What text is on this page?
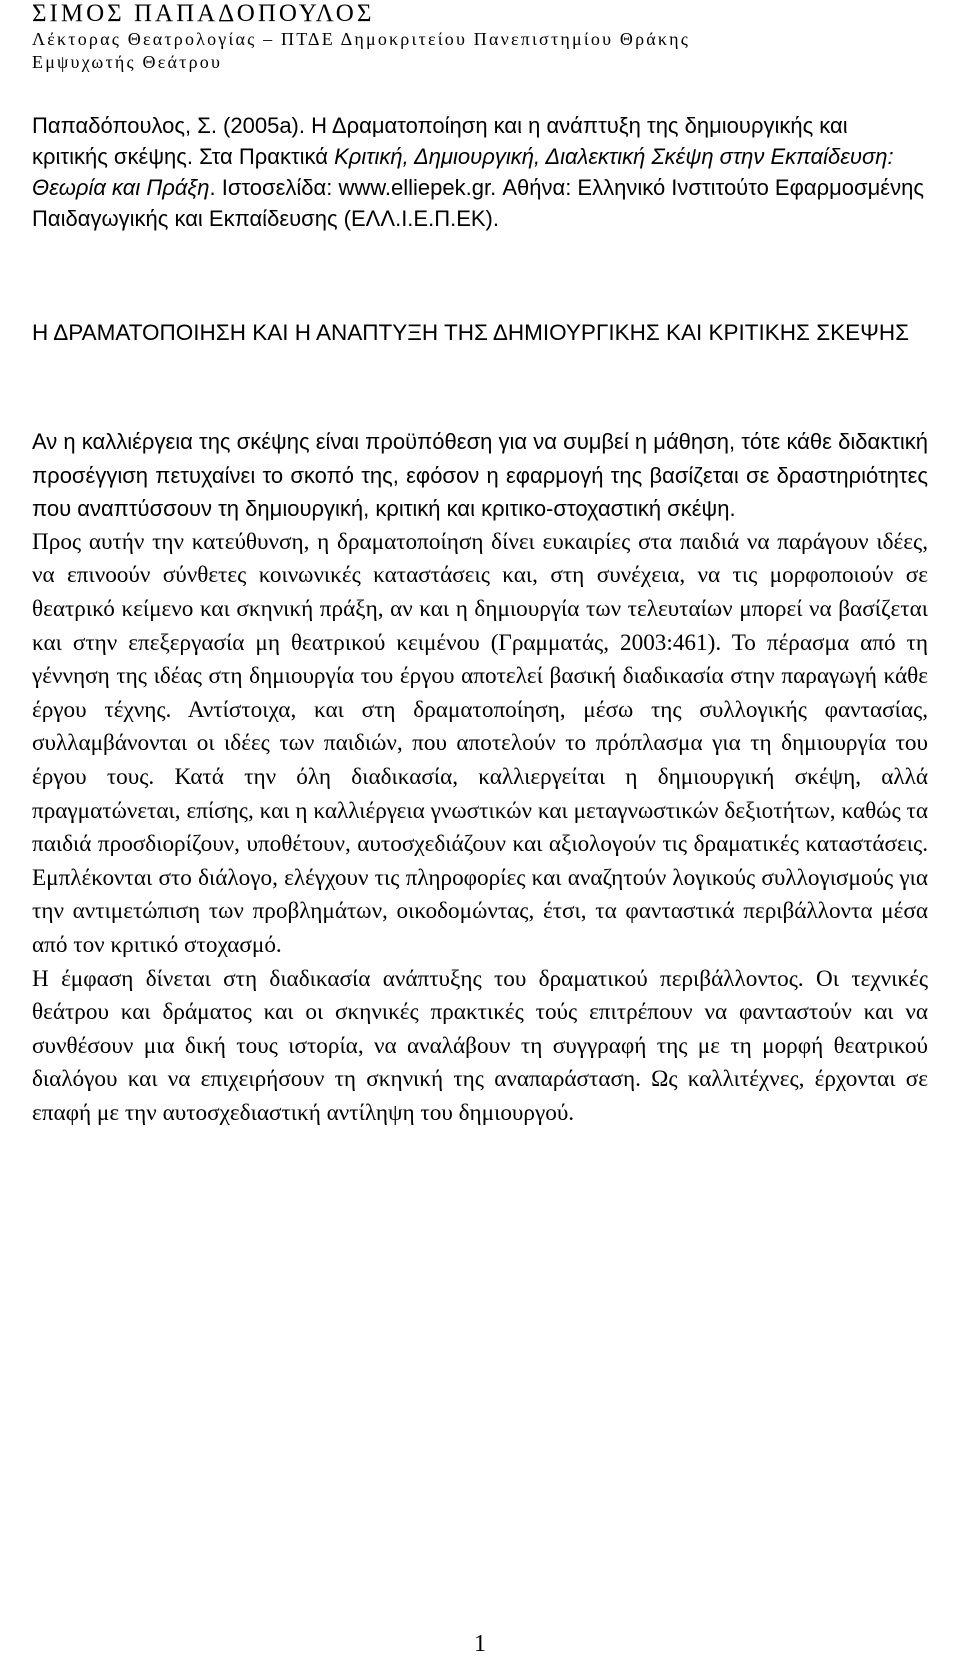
ΣΙΜΟΣ ΠΑΠΑΔΟΠΟΥΛΟΣ

Λέκτορας Θεατρολογίας – ΠΤΔΕ Δημοκριτείου Πανεπιστημίου Θράκης

Εμψυχωτής Θεάτρου

Παπαδόπουλος, Σ. (2005a). Η Δραματοποίηση και η ανάπτυξη της δημιουργικής και κριτικής σκέψης. Στα Πρακτικά Κριτική, Δημιουργική, Διαλεκτική Σκέψη στην Εκπαίδευση: Θεωρία και Πράξη. Ιστοσελίδα: www.elliepek.gr. Αθήνα: Ελληνικό Ινστιτούτο Εφαρμοσμένης Παιδαγωγικής και Εκπαίδευσης (ΕΛΛ.Ι.Ε.Π.ΕΚ).

Η ΔΡΑΜΑΤΟΠΟΙΗΣΗ ΚΑΙ Η ΑΝΑΠΤΥΞΗ ΤΗΣ ΔΗΜΙΟΥΡΓΙΚΗΣ ΚΑΙ ΚΡΙΤΙΚΗΣ ΣΚΕΨΗΣ

Αν η καλλιέργεια της σκέψης είναι προϋπόθεση για να συμβεί η μάθηση, τότε κάθε διδακτική προσέγγιση πετυχαίνει το σκοπό της, εφόσον η εφαρμογή της βασίζεται σε δραστηριότητες που αναπτύσσουν τη δημιουργική, κριτική και κριτικο-στοχαστική σκέψη.

Προς αυτήν την κατεύθυνση, η δραματοποίηση δίνει ευκαιρίες στα παιδιά να παράγουν ιδέες, να επινοούν σύνθετες κοινωνικές καταστάσεις και, στη συνέχεια, να τις μορφοποιούν σε θεατρικό κείμενο και σκηνική πράξη, αν και η δημιουργία των τελευταίων μπορεί να βασίζεται και στην επεξεργασία μη θεατρικού κειμένου (Γραμματάς, 2003:461). Το πέρασμα από τη γέννηση της ιδέας στη δημιουργία του έργου αποτελεί βασική διαδικασία στην παραγωγή κάθε έργου τέχνης. Αντίστοιχα, και στη δραματοποίηση, μέσω της συλλογικής φαντασίας, συλλαμβάνονται οι ιδέες των παιδιών, που αποτελούν το πρόπλασμα για τη δημιουργία του έργου τους. Κατά την όλη διαδικασία, καλλιεργείται η δημιουργική σκέψη, αλλά πραγματώνεται, επίσης, και η καλλιέργεια γνωστικών και μεταγνωστικών δεξιοτήτων, καθώς τα παιδιά προσδιορίζουν, υποθέτουν, αυτοσχεδιάζουν και αξιολογούν τις δραματικές καταστάσεις. Εμπλέκονται στο διάλογο, ελέγχουν τις πληροφορίες και αναζητούν λογικούς συλλογισμούς για την αντιμετώπιση των προβλημάτων, οικοδομώντας, έτσι, τα φανταστικά περιβάλλοντα μέσα από τον κριτικό στοχασμό.

Η έμφαση δίνεται στη διαδικασία ανάπτυξης του δραματικού περιβάλλοντος. Οι τεχνικές θεάτρου και δράματος και οι σκηνικές πρακτικές τούς επιτρέπουν να φανταστούν και να συνθέσουν μια δική τους ιστορία, να αναλάβουν τη συγγραφή της με τη μορφή θεατρικού διαλόγου και να επιχειρήσουν τη σκηνική της αναπαράσταση. Ως καλλιτέχνες, έρχονται σε επαφή με την αυτοσχεδιαστική αντίληψη του δημιουργού.

1
